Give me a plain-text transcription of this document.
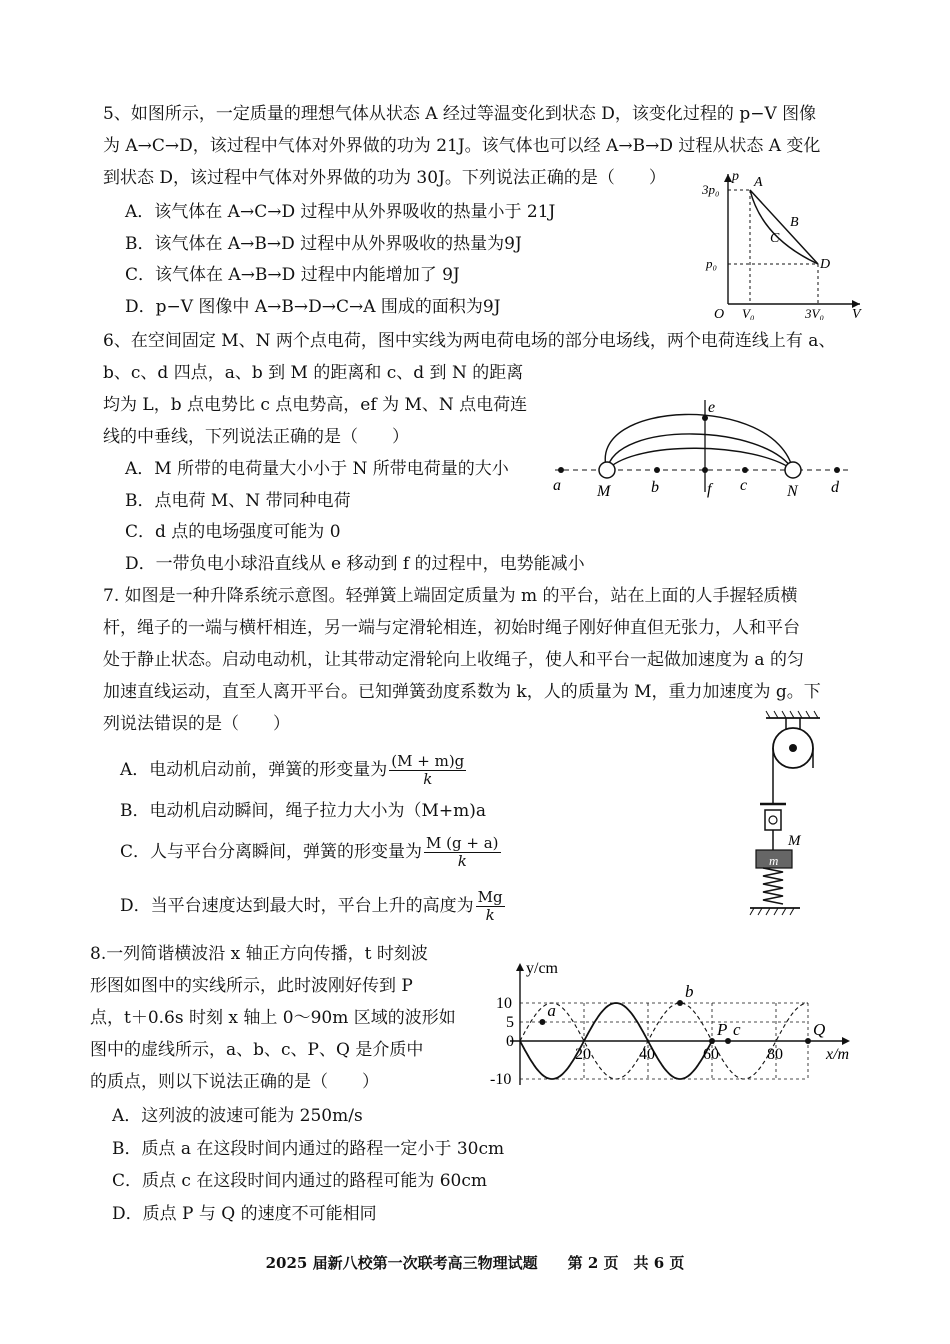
5、如图所示，一定质量的理想气体从状态 A 经过等温变化到状态 D，该变化过程的 p−V 图像
为 A→C→D，该过程中气体对外界做的功为 21J。该气体也可以经 A→B→D 过程从状态 A 变化
到状态 D，该过程中气体对外界做的功为 30J。下列说法正确的是（　　）
A．该气体在 A→C→D 过程中从外界吸收的热量小于 21J
B．该气体在 A→B→D 过程中从外界吸收的热量为9J
C．该气体在 A→B→D 过程中内能增加了 9J
D．p−V 图像中 A→B→D→C→A 围成的面积为9J
3p₀
p₀
p
V
O V₀	3V₀
A
B
C
D
6、在空间固定 M、N 两个点电荷，图中实线为两电荷电场的部分电场线，两个电荷连线上有 a、
b、c、d 四点，a、b 到 M 的距离和 c、d 到 N 的距离
均为 L，b 点电势比 c 点电势高，ef 为 M、N 点电荷连
线的中垂线，下列说法正确的是（　　）
A．M 所带的电荷量大小小于 N 所带电荷量的大小
B．点电荷 M、N 带同种电荷
C．d 点的电场强度可能为 0
D．一带负电小球沿直线从 e 移动到 f 的过程中，电势能减小
a M	b	f c N d
e
7. 如图是一种升降系统示意图。轻弹簧上端固定质量为 m 的平台，站在上面的人手握轻质横
杆，绳子的一端与横杆相连，另一端与定滑轮相连，初始时绳子刚好伸直但无张力，人和平台
处于静止状态。启动电动机，让其带动定滑轮向上收绳子，使人和平台一起做加速度为 a 的匀
加速直线运动，直至人离开平台。已知弹簧劲度系数为 k，人的质量为 M，重力加速度为 g。下
列说法错误的是（　　）
A．电动机启动前，弹簧的形变量为 $\frac{(M + m)g}{k}$
B．电动机启动瞬间，绳子拉力大小为（M+m)a
C．人与平台分离瞬间，弹簧的形变量为 $\frac{M (g + a)}{k}$
D．当平台速度达到最大时，平台上升的高度为 $\frac{Mg}{k}$
M
m
8.一列简谐横波沿 x 轴正方向传播，t 时刻波
形图如图中的实线所示，此时波刚好传到 P
点，t＋0.6s 时刻 x 轴上 0～90m 区域的波形如
图中的虚线所示，a、b、c、P、Q 是介质中
的质点，则以下说法正确的是（　　）
A．这列波的波速可能为 250m/s
B．质点 a 在这段时间内通过的路程一定小于 30cm
C．质点 c 在这段时间内通过的路程可能为 60cm
D．质点 P 与 Q 的速度不可能相同
a
b
P c	Q
20	40	60	80
10
5
0
-10
y/cm
x/m
2025 届新八校第一次联考高三物理试题　　第 2 页　共 6 页
